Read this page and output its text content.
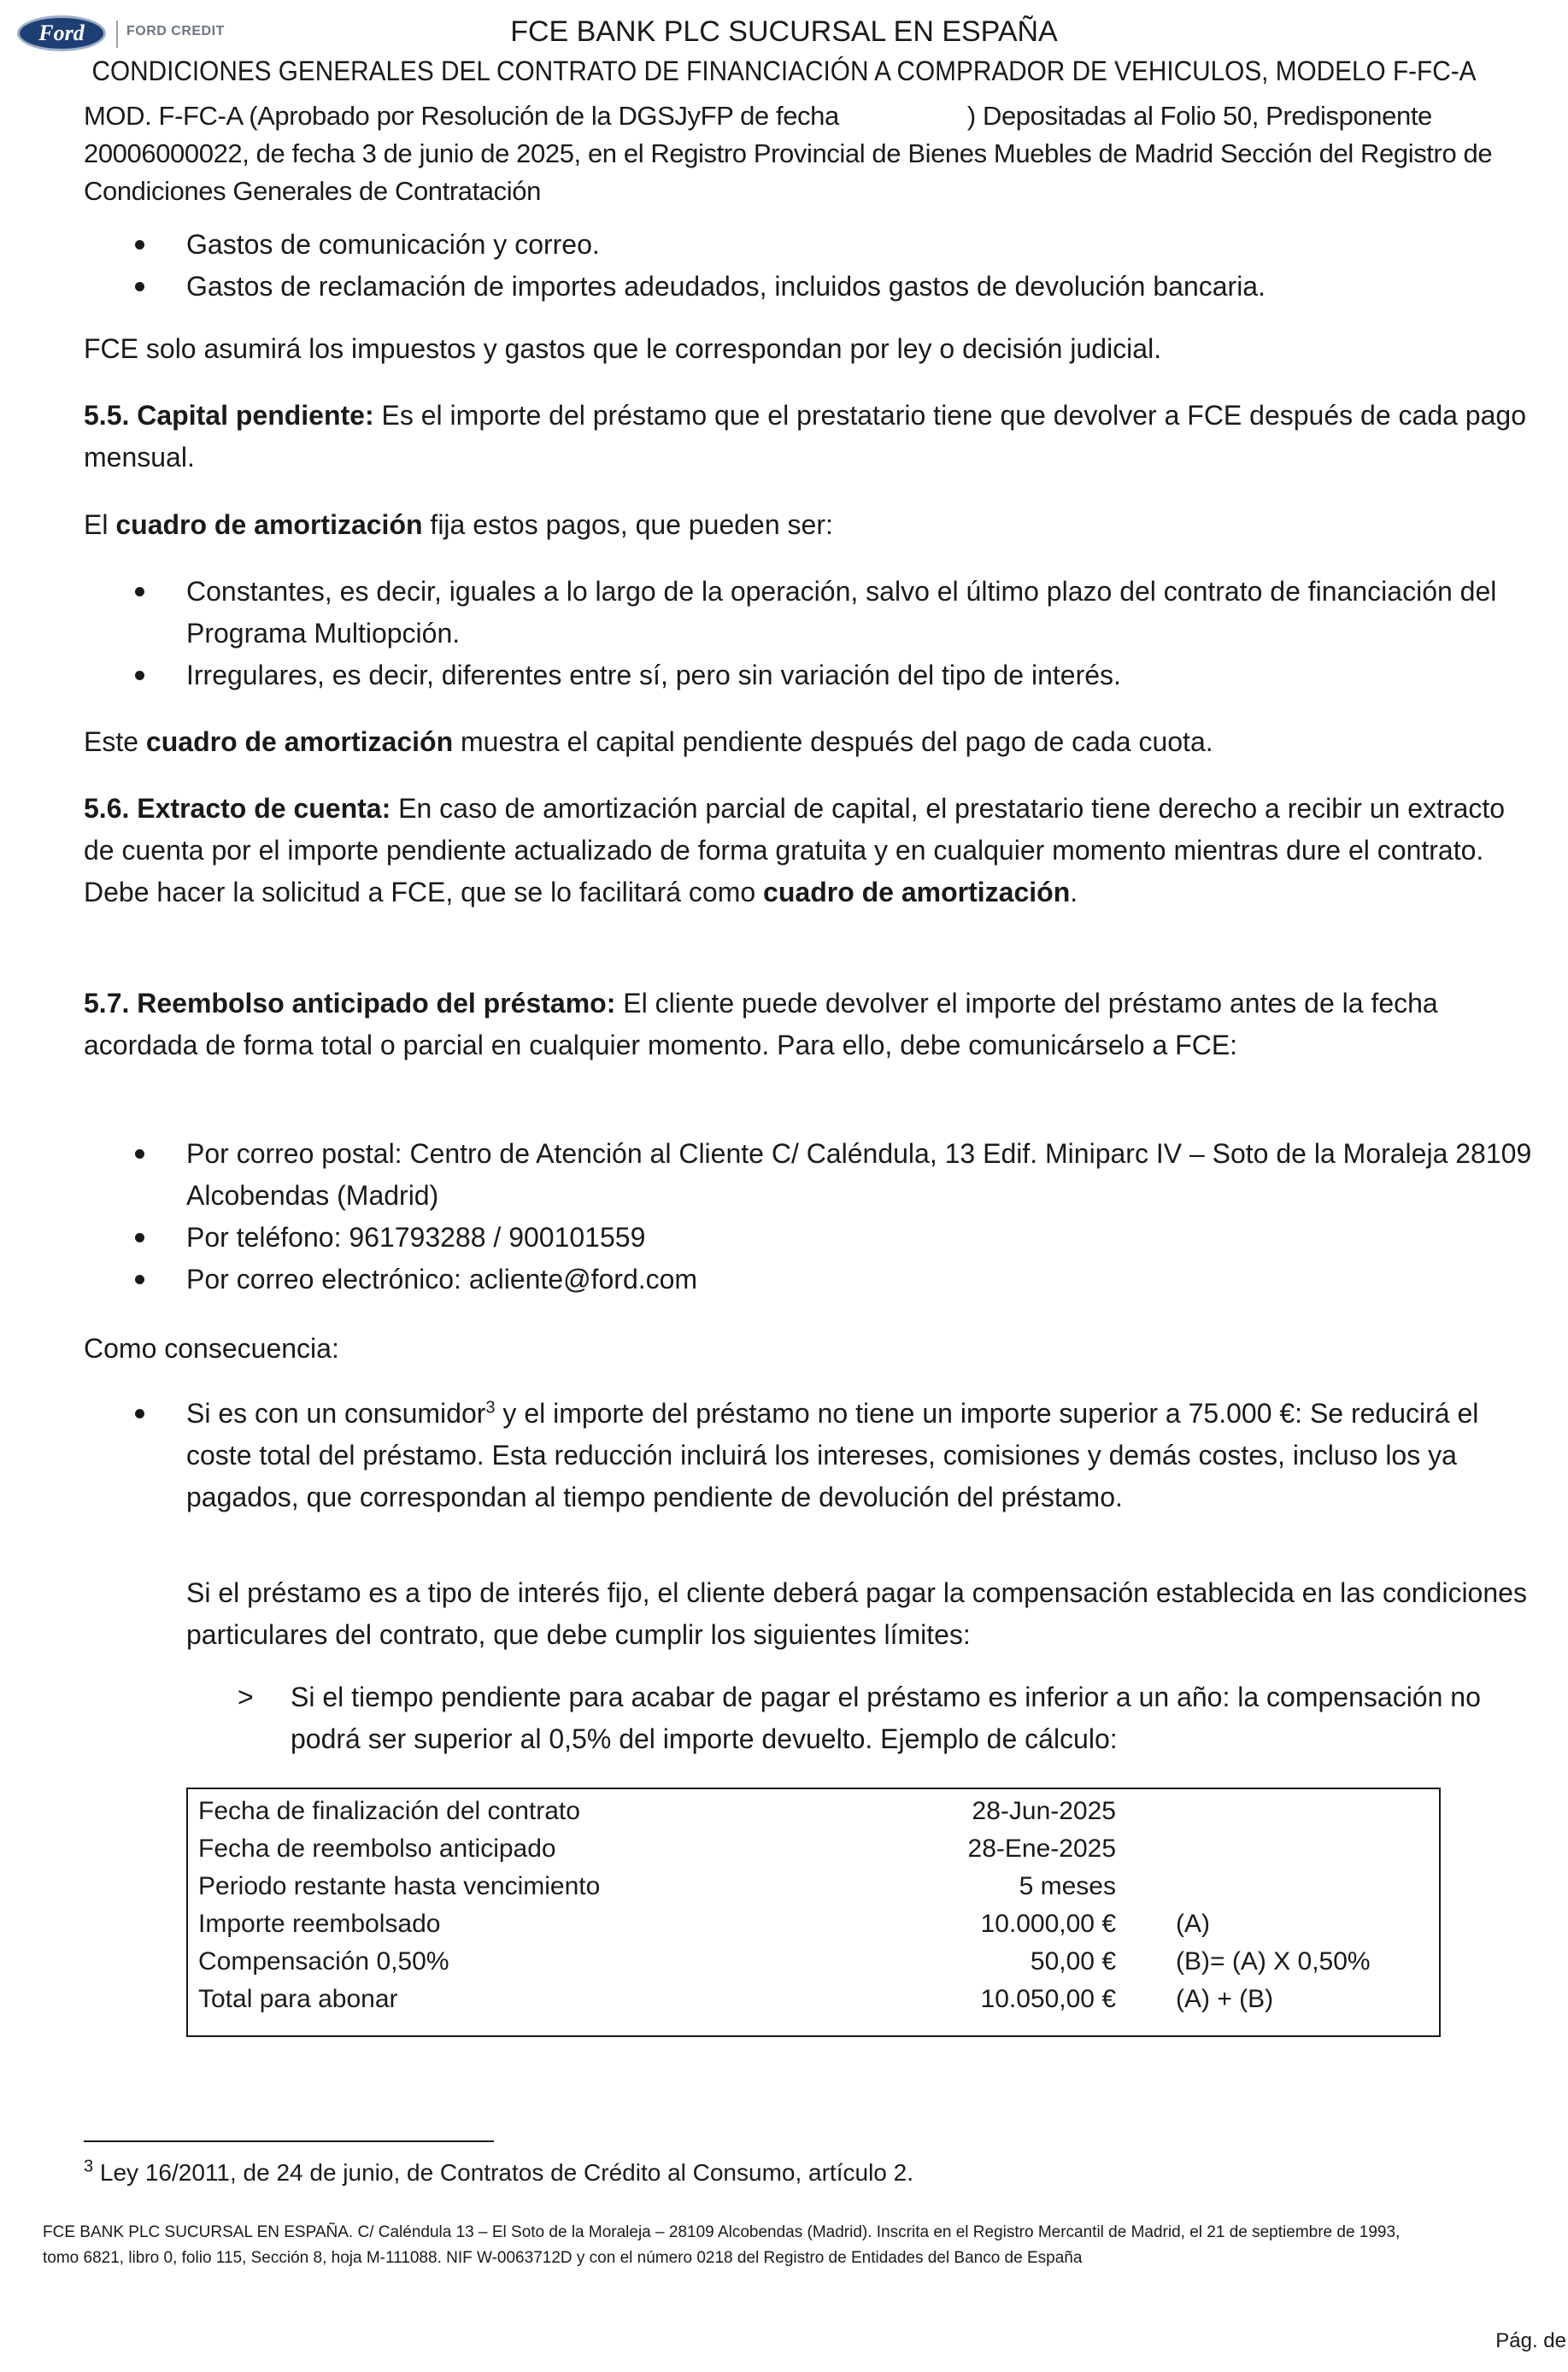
Ford	FORD CREDIT	FCE BANK PLC SUCURSAL EN ESPAÑA
CONDICIONES GENERALES DEL CONTRATO DE FINANCIACIÓN A COMPRADOR DE VEHICULOS, MODELO F-FC-A
MOD. F-FC-A (Aprobado por Resolución de la DGSJyFP de fecha	) Depositadas al Folio 50, Predisponente
20006000022, de fecha 3 de junio de 2025, en el Registro Provincial de Bienes Muebles de Madrid Sección del Registro de
Condiciones Generales de Contratación
Gastos de comunicación y correo.
Gastos de reclamación de importes adeudados, incluidos gastos de devolución bancaria.
FCE solo asumirá los impuestos y gastos que le correspondan por ley o decisión judicial.
5.5. Capital pendiente: Es el importe del préstamo que el prestatario tiene que devolver a FCE después de cada pago mensual.
El cuadro de amortización fija estos pagos, que pueden ser:
Constantes, es decir, iguales a lo largo de la operación, salvo el último plazo del contrato de financiación del Programa Multiopción.
Irregulares, es decir, diferentes entre sí, pero sin variación del tipo de interés.
Este cuadro de amortización muestra el capital pendiente después del pago de cada cuota.
5.6. Extracto de cuenta: En caso de amortización parcial de capital, el prestatario tiene derecho a recibir un extracto de cuenta por el importe pendiente actualizado de forma gratuita y en cualquier momento mientras dure el contrato. Debe hacer la solicitud a FCE, que se lo facilitará como cuadro de amortización.
5.7. Reembolso anticipado del préstamo: El cliente puede devolver el importe del préstamo antes de la fecha acordada de forma total o parcial en cualquier momento. Para ello, debe comunicárselo a FCE:
Por correo postal: Centro de Atención al Cliente C/ Caléndula, 13 Edif. Miniparc IV – Soto de la Moraleja 28109 Alcobendas (Madrid)
Por teléfono: 961793288 / 900101559
Por correo electrónico: acliente@ford.com
Como consecuencia:
Si es con un consumidor$^3$ y el importe del préstamo no tiene un importe superior a 75.000 €: Se reducirá el coste total del préstamo. Esta reducción incluirá los intereses, comisiones y demás costes, incluso los ya pagados, que correspondan al tiempo pendiente de devolución del préstamo.
Si el préstamo es a tipo de interés fijo, el cliente deberá pagar la compensación establecida en las condiciones particulares del contrato, que debe cumplir los siguientes límites:
> Si el tiempo pendiente para acabar de pagar el préstamo es inferior a un año: la compensación no podrá ser superior al 0,5% del importe devuelto. Ejemplo de cálculo:
Fecha de finalización del contrato	28-Jun-2025
Fecha de reembolso anticipado	28-Ene-2025
Periodo restante hasta vencimiento	5 meses
Importe reembolsado	10.000,00 € (A)
Compensación 0,50%	50,00 € (B)= (A) X 0,50%
Total para abonar	10.050,00 € (A) + (B)
$^3$ Ley 16/2011, de 24 de junio, de Contratos de Crédito al Consumo, artículo 2.
FCE BANK PLC SUCURSAL EN ESPAÑA. C/ Caléndula 13 – El Soto de la Moraleja – 28109 Alcobendas (Madrid). Inscrita en el Registro Mercantil de Madrid, el 21 de septiembre de 1993,
tomo 6821, libro 0, folio 115, Sección 8, hoja M-111088. NIF W-0063712D y con el número 0218 del Registro de Entidades del Banco de España
Pág. de
